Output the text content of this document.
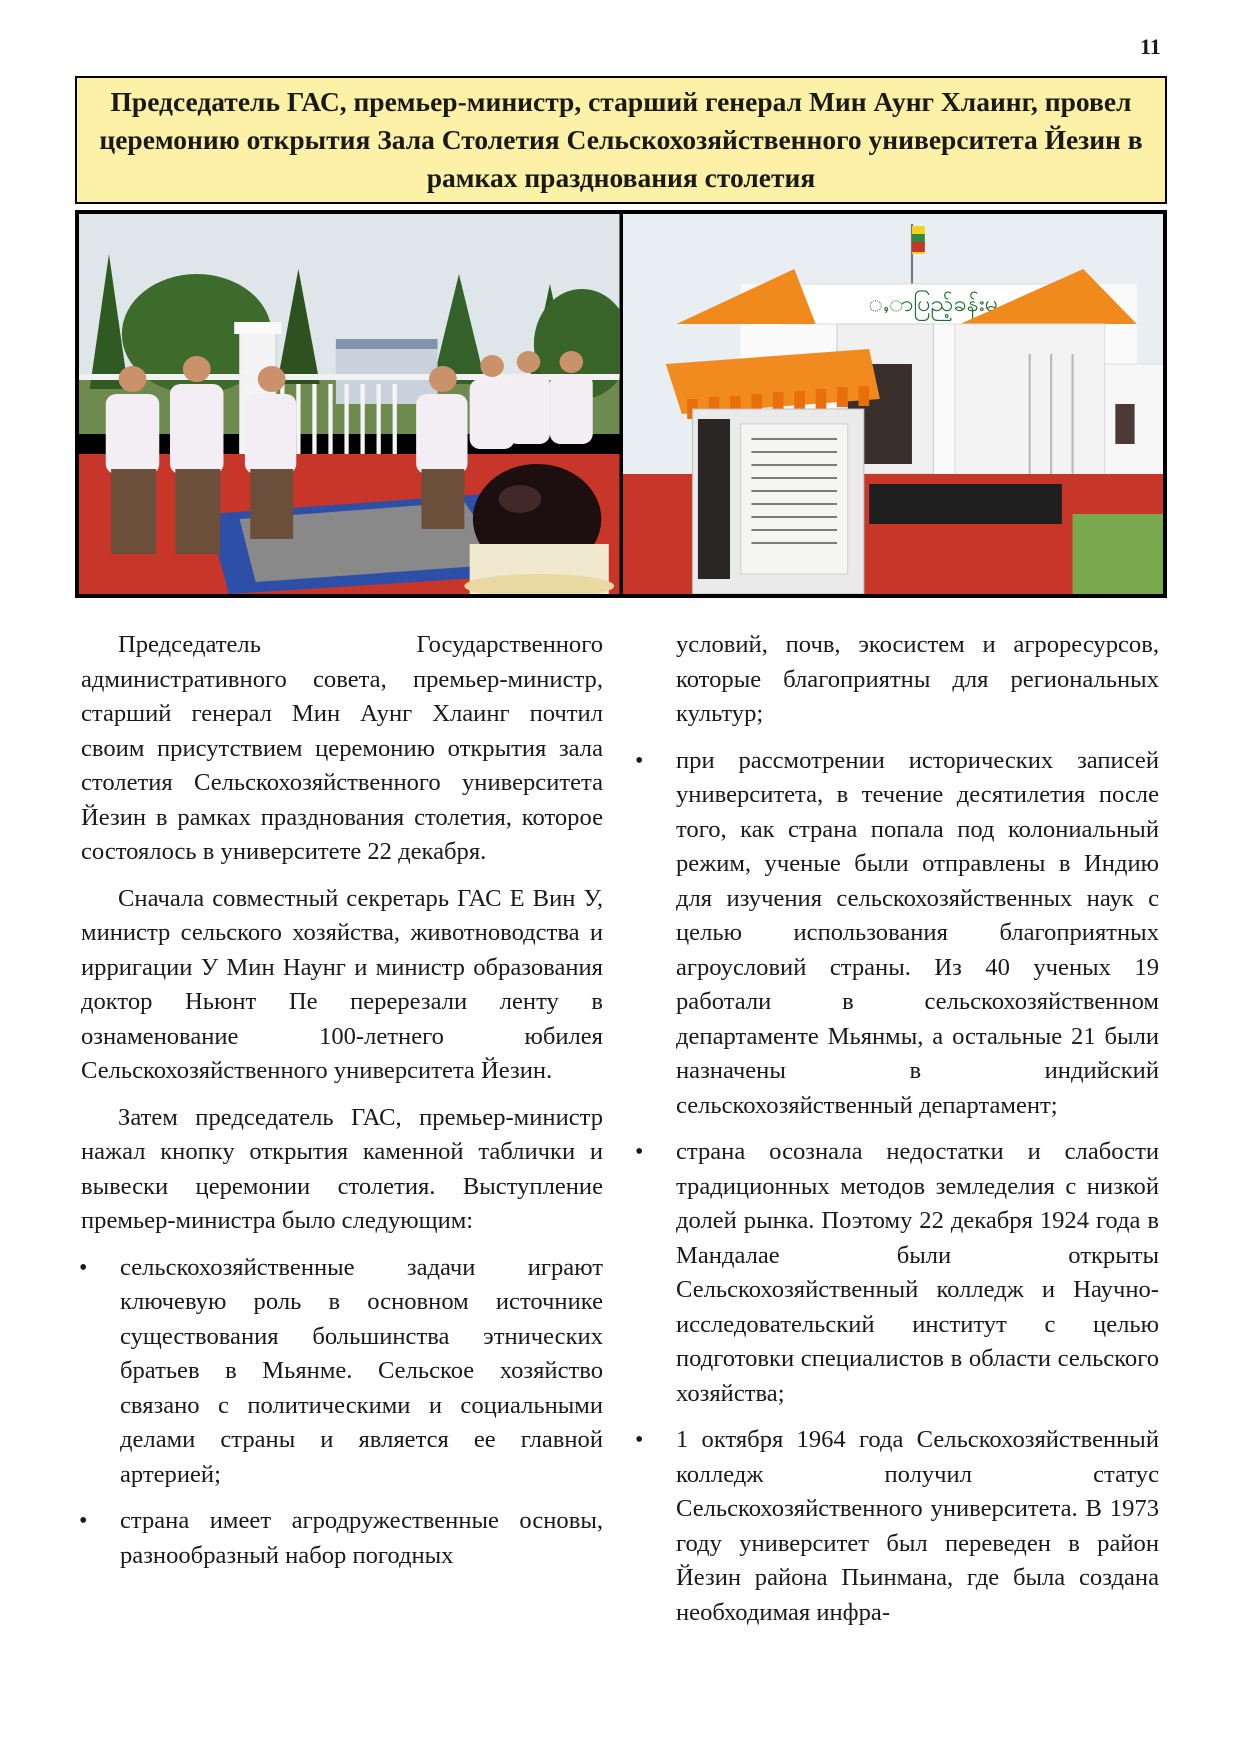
11
Председатель ГАС, премьер-министр, старший генерал Мин Аунг Хлаинг, провел церемонию открытия Зала Столетия Сельскохозяйственного университета Йезин в рамках празднования столетия
ႇာပြည့်ခန်းမ

Председатель Государственного административного совета, премьер-министр, старший генерал Мин Аунг Хлаинг почтил своим присутствием церемонию открытия зала столетия Сельскохозяйственного университета Йезин в рамках празднования столетия, которое состоялось в университете 22 декабря.

Сначала совместный секретарь ГАС Е Вин У, министр сельского хозяйства, животноводства и ирригации У Мин Наунг и министр образования доктор Ньюнт Пе перерезали ленту в ознаменование 100-летнего юбилея Сельскохозяйственного университета Йезин.

Затем председатель ГАС, премьер-министр нажал кнопку открытия каменной таблички и вывески церемонии столетия. Выступление премьер-министра было следующим:

• сельскохозяйственные задачи играют ключевую роль в основном источнике существования большинства этнических братьев в Мьянме. Сельское хозяйство связано с политическими и социальными делами страны и является ее главной артерией;
• страна имеет агродружественные основы, разнообразный набор погодных
условий, почв, экосистем и агроресурсов, которые благоприятны для региональных культур;
• при рассмотрении исторических записей университета, в течение десятилетия после того, как страна попала под колониальный режим, ученые были отправлены в Индию для изучения сельскохозяйственных наук с целью использования благоприятных агроусловий страны. Из 40 ученых 19 работали в сельскохозяйственном департаменте Мьянмы, а остальные 21 были назначены в индийский сельскохозяйственный департамент;
• страна осознала недостатки и слабости традиционных методов земледелия с низкой долей рынка. Поэтому 22 декабря 1924 года в Мандалае были открыты Сельскохозяйственный колледж и Научно-исследовательский институт с целью подготовки специалистов в области сельского хозяйства;
• 1 октября 1964 года Сельскохозяйственный колледж получил статус Сельскохозяйственного университета. В 1973 году университет был переведен в район Йезин района Пьинмана, где была создана необходимая инфра-
